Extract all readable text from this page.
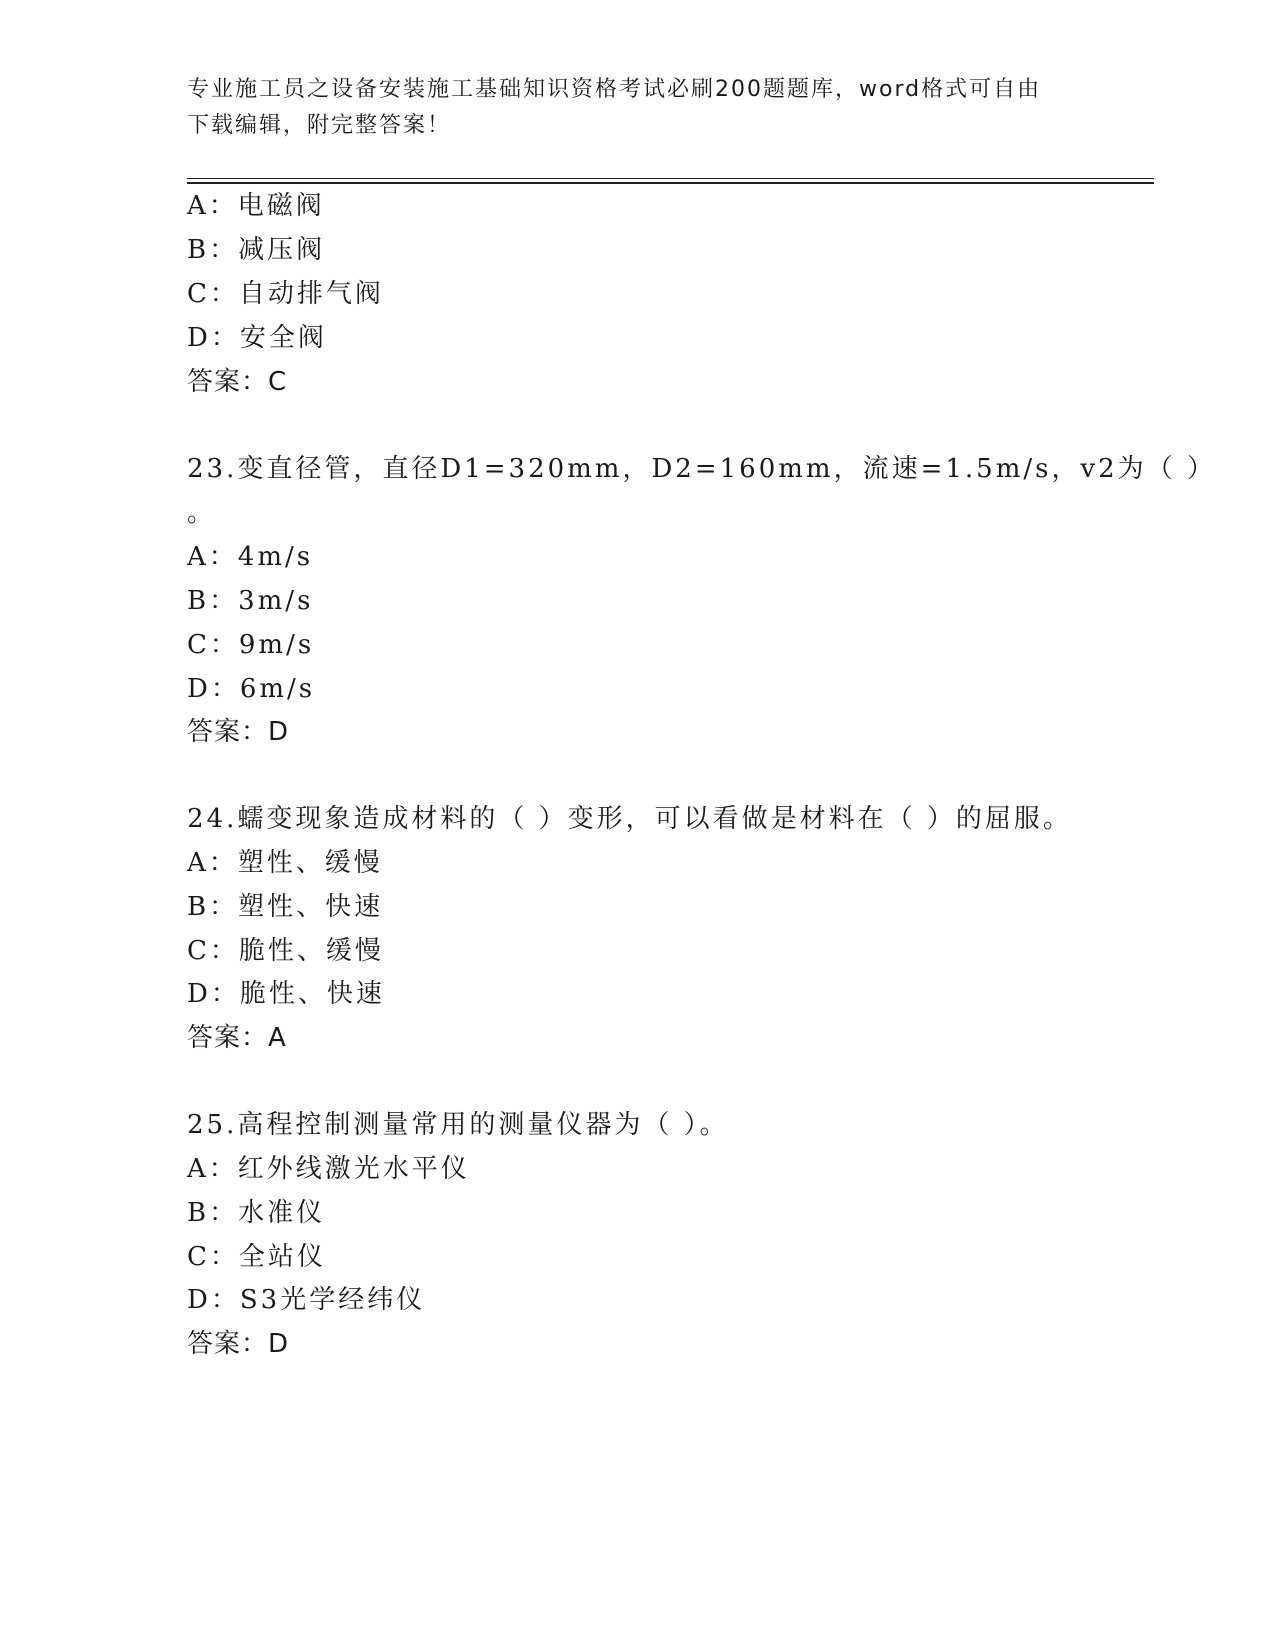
专业施工员之设备安装施工基础知识资格考试必刷200题题库，word格式可自由
下载编辑，附完整答案！
A：电磁阀
B：减压阀
C：自动排气阀
D：安全阀
答案：C
23.变直径管，直径D1=320mm，D2=160mm，流速=1.5m/s，v2为（ ）
。
A：4m/s
B：3m/s
C：9m/s
D：6m/s
答案：D
24.蠕变现象造成材料的（ ）变形，可以看做是材料在（ ）的屈服。
A：塑性、缓慢
B：塑性、快速
C：脆性、缓慢
D：脆性、快速
答案：A
25.高程控制测量常用的测量仪器为（ ）。
A：红外线激光水平仪
B：水准仪
C：全站仪
D：S3光学经纬仪
答案：D
